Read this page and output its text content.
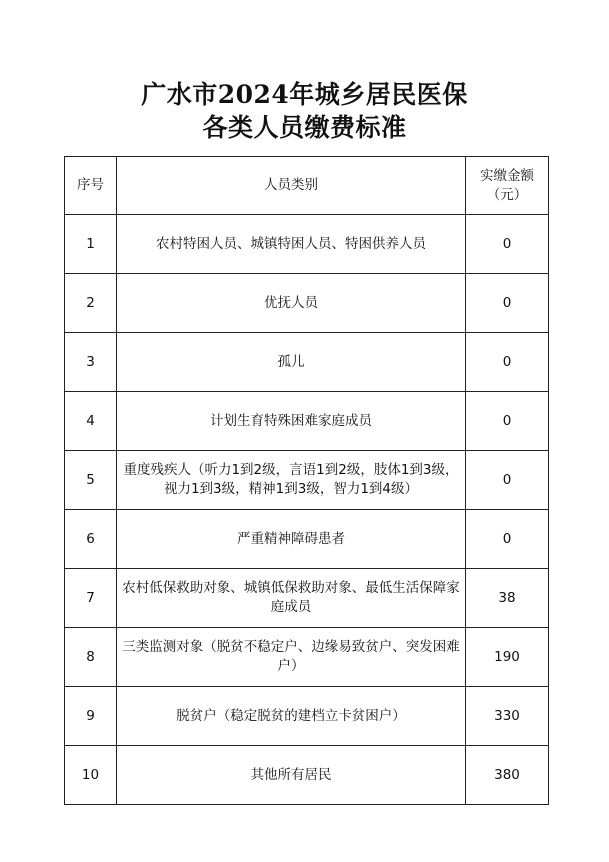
广水市2024年城乡居民医保
各类人员缴费标准
序号	人员类别	实缴金额
（元）

1	农村特困人员、城镇特困人员、特困供养人员	0
2	优抚人员	0
3	孤儿	0
4	计划生育特殊困难家庭成员	0
5	重度残疾人（听力1到2级，言语1到2级，肢体1到3级，视力1到3级，精神1到3级，智力1到4级）	0
6	严重精神障碍患者	0
7	农村低保救助对象、城镇低保救助对象、最低生活保障家庭成员	38
8	三类监测对象（脱贫不稳定户、边缘易致贫户、突发困难户）	190
9	脱贫户（稳定脱贫的建档立卡贫困户）	330
10	其他所有居民	380
